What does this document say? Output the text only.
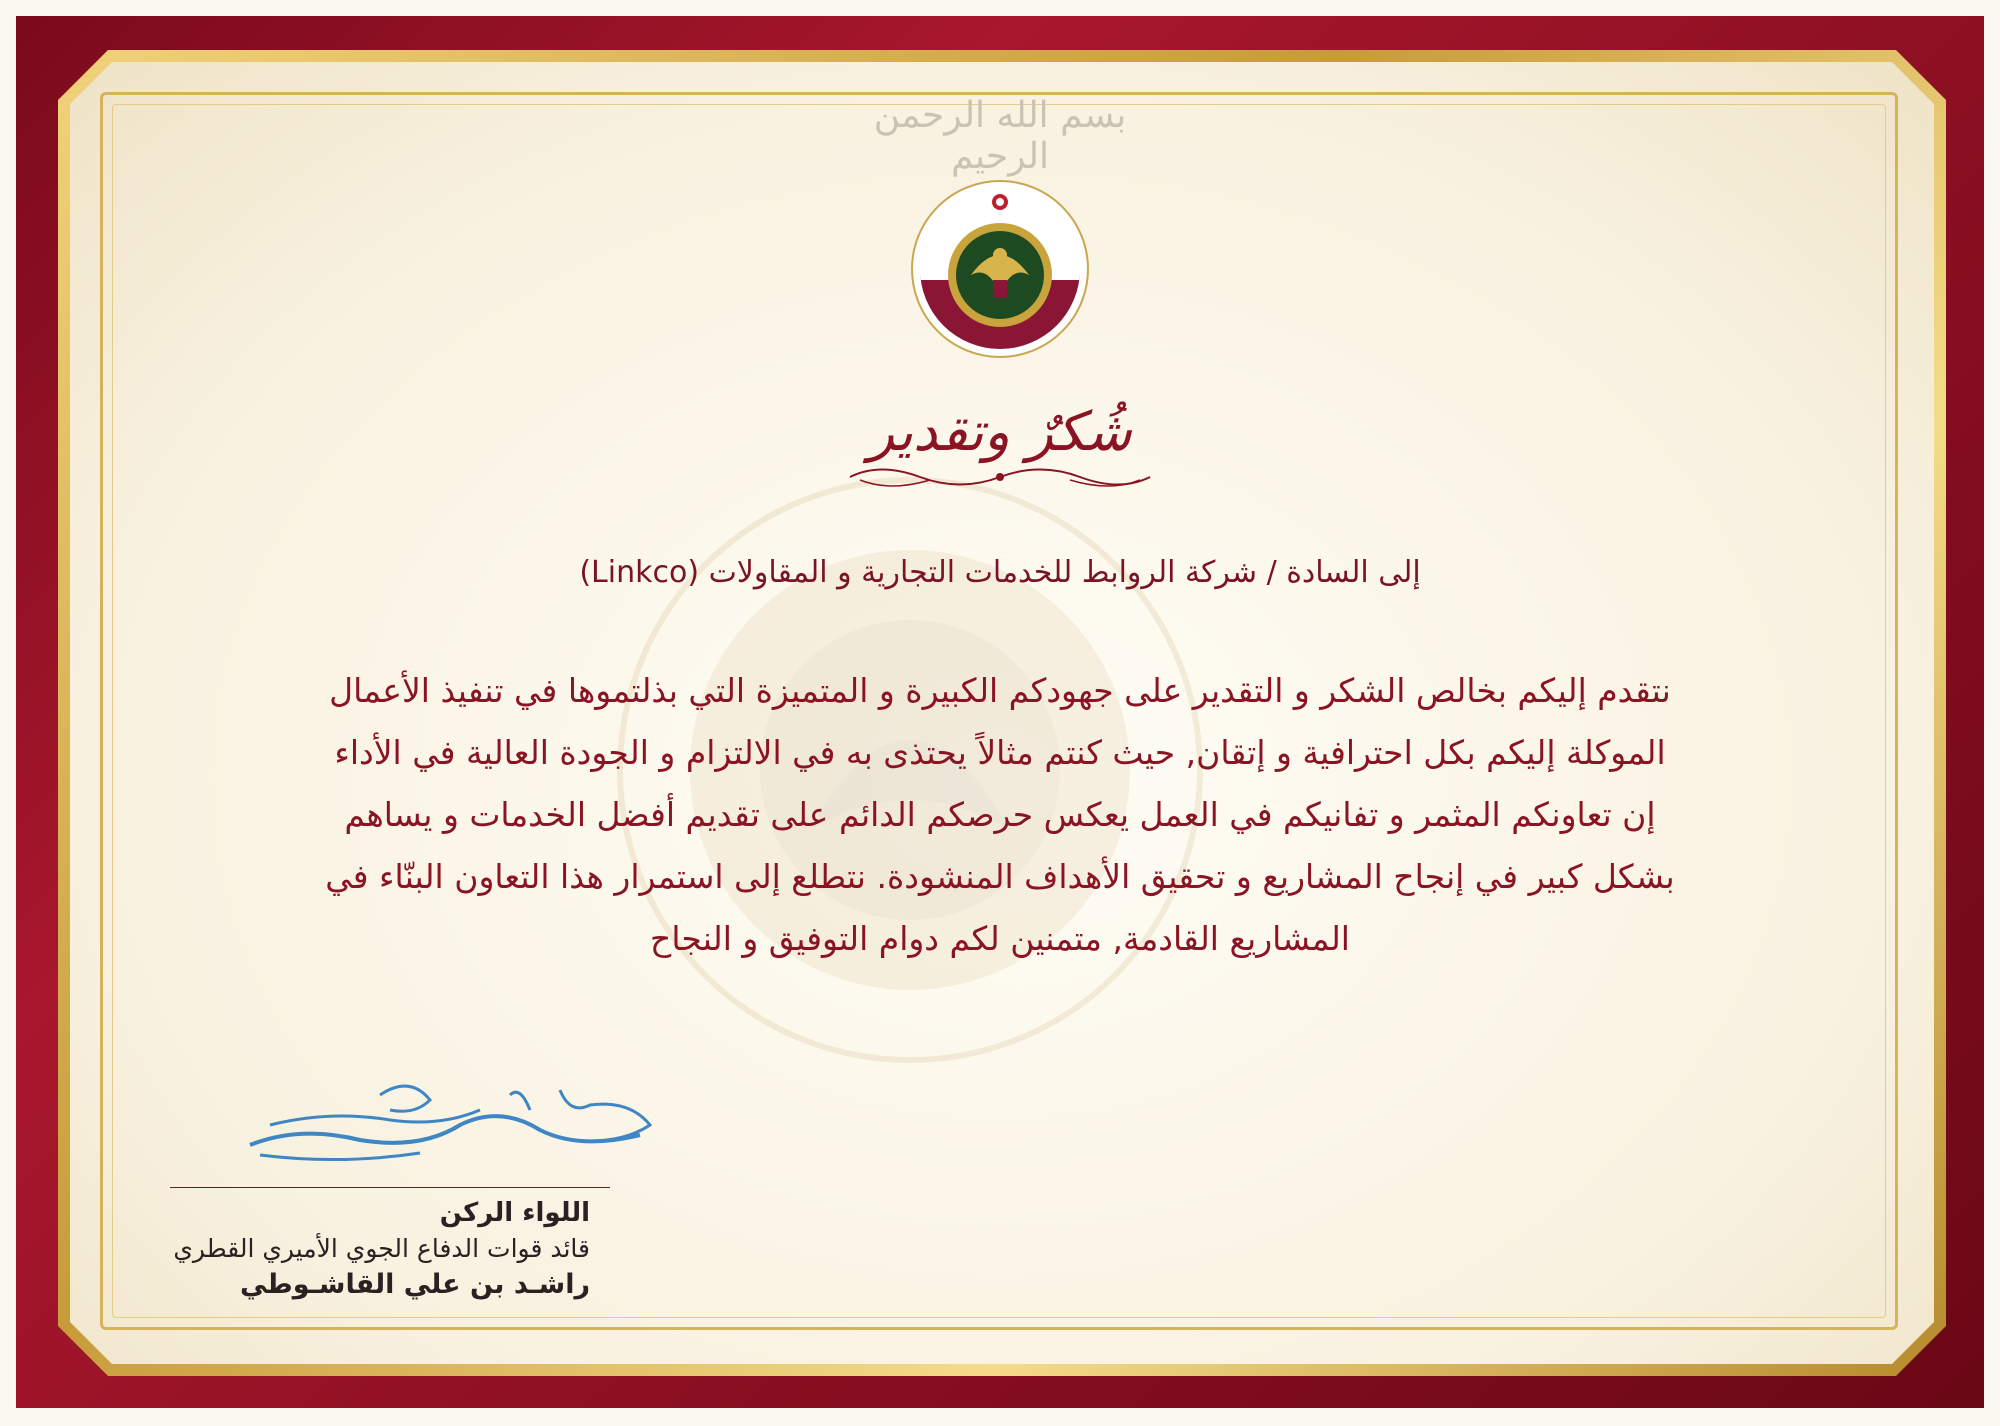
بسم الله الرحمن الرحيم
شُكرٌ وتقدير
إلى السادة / شركة الروابط للخدمات التجارية و المقاولات (Linkco)

نتقدم إليكم بخالص الشكر و التقدير على جهودكم الكبيرة و المتميزة التي بذلتموها في تنفيذ الأعمال

الموكلة إليكم بكل احترافية و إتقان, حيث كنتم مثالاً يحتذى به في الالتزام و الجودة العالية في الأداء

إن تعاونكم المثمر و تفانيكم في العمل يعكس حرصكم الدائم على تقديم أفضل الخدمات و يساهم

بشكل كبير في إنجاح المشاريع و تحقيق الأهداف المنشودة. نتطلع إلى استمرار هذا التعاون البنّاء في

المشاريع القادمة, متمنين لكم دوام التوفيق و النجاح

اللواء الركن
قائد قوات الدفاع الجوي الأميري القطري
راشـد بن علي القاشـوطي
